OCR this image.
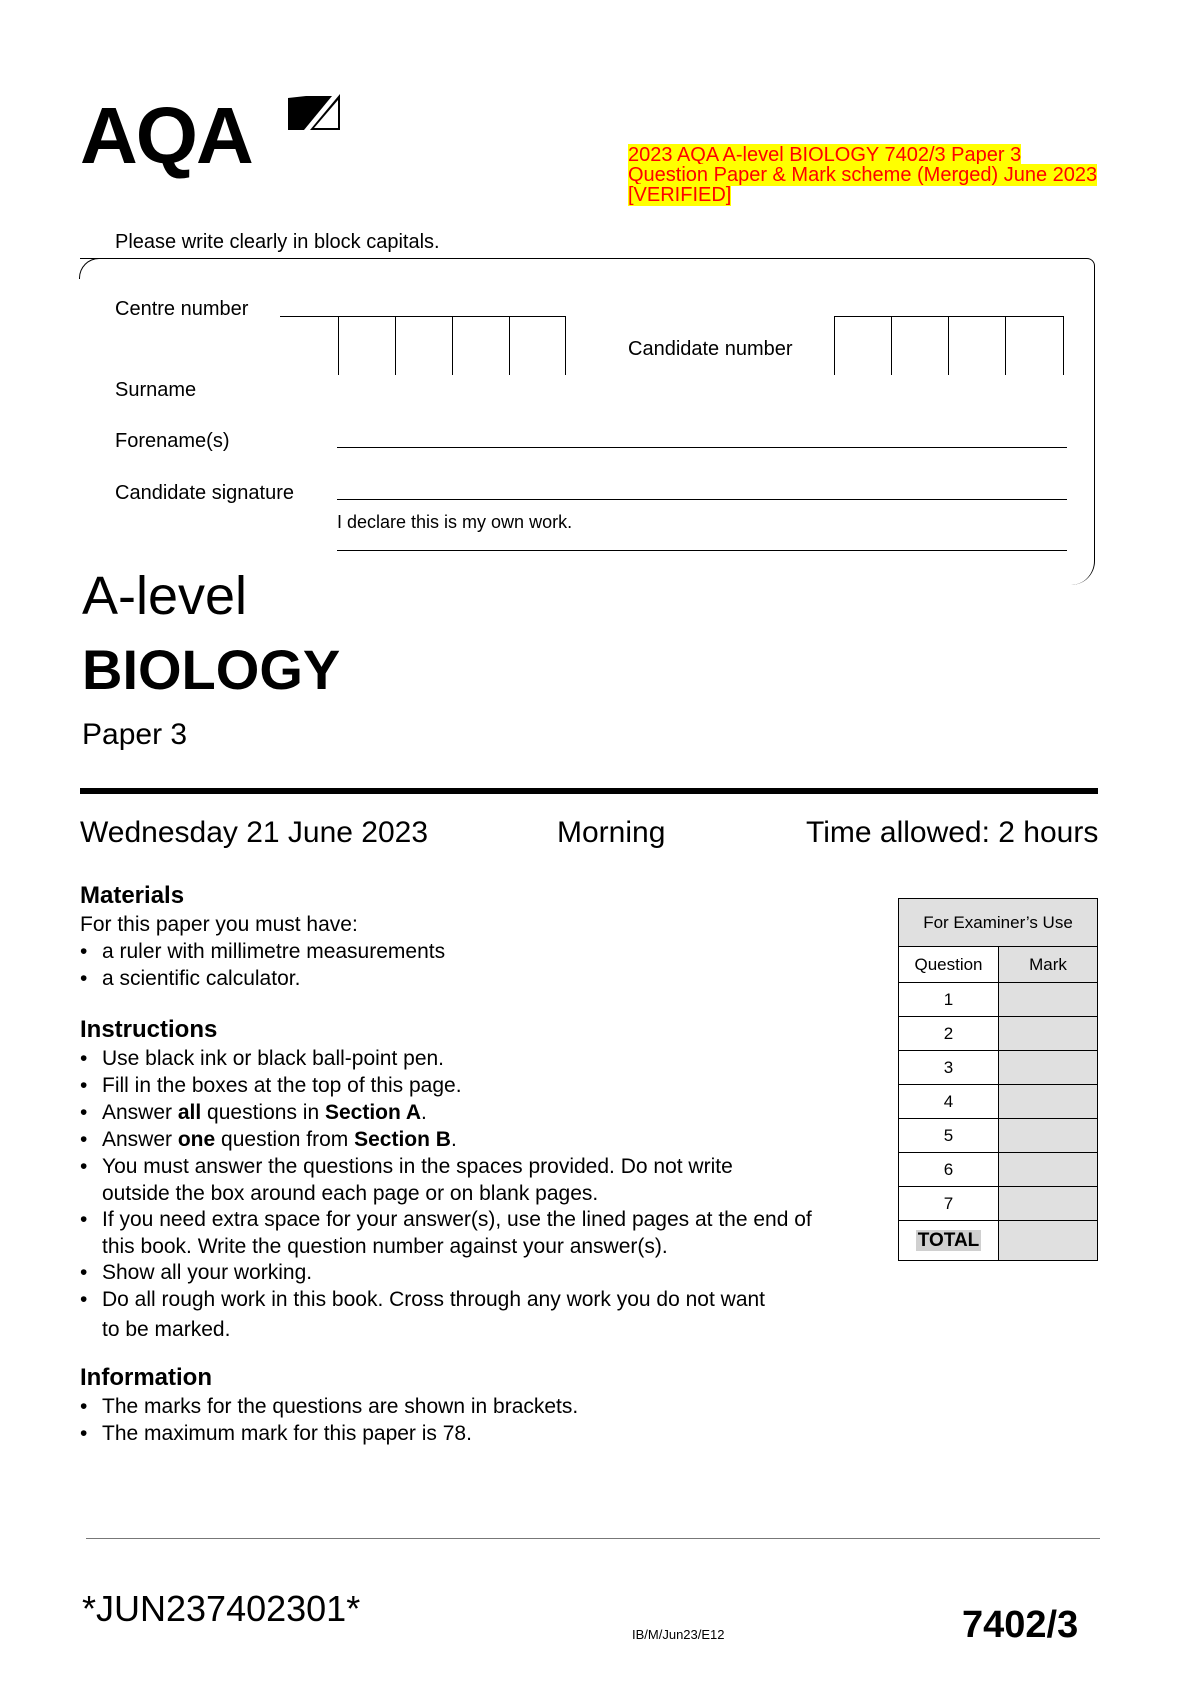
AQA	2023 AQA A-level BIOLOGY 7402/3 Paper 3 Question Paper & Mark scheme (Merged) June 2023 [VERIFIED]
Please write clearly in block capitals.
Centre number
Candidate number
Surname
Forename(s)
Candidate signature
I declare this is my own work.
A-level
BIOLOGY
Paper 3
Wednesday 21 June 2023	Morning	Time allowed: 2 hours
Materials
For this paper you must have:
• a ruler with millimetre measurements
• a scientific calculator.
Instructions
• Use black ink or black ball-point pen.
• Fill in the boxes at the top of this page.
• Answer all questions in Section A.
• Answer one question from Section B.
• You must answer the questions in the spaces provided. Do not write
outside the box around each page or on blank pages.
• If you need extra space for your answer(s), use the lined pages at the end of
this book. Write the question number against your answer(s).
• Show all your working.
• Do all rough work in this book. Cross through any work you do not want
to be marked.
Information
• The marks for the questions are shown in brackets.
• The maximum mark for this paper is 78.
For Examiner’s Use	
Question	Mark
1	
2	
3	
4	
5	
6	
7	
TOTAL	
*JUN237402301*
IB/M/Jun23/E12	7402/3
